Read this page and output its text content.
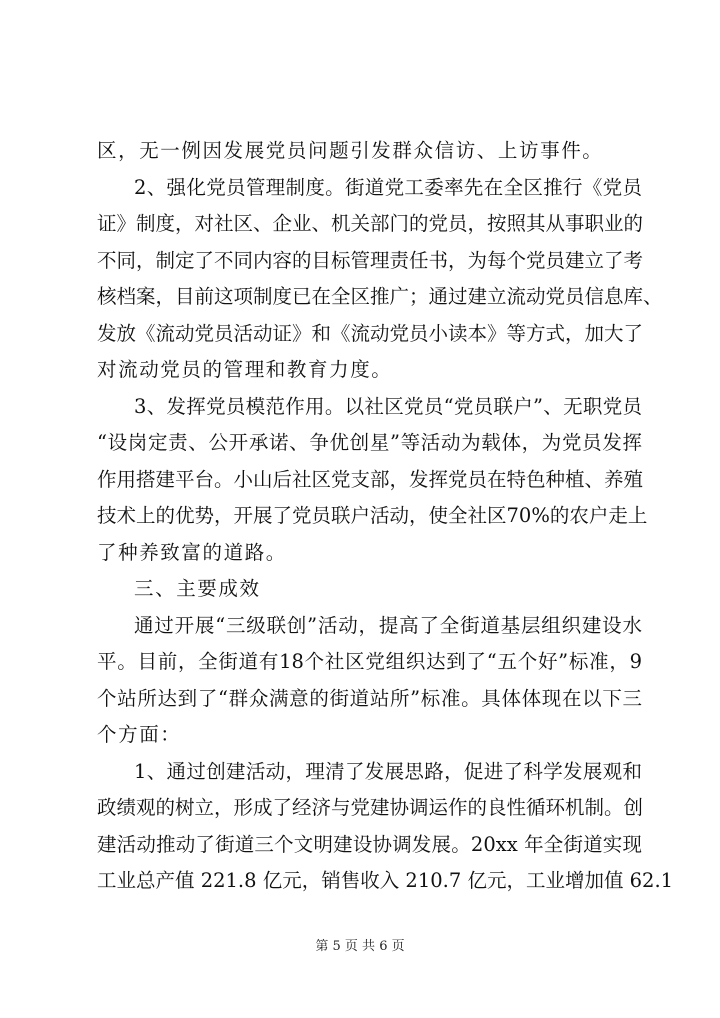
区，无一例因发展党员问题引发群众信访、上访事件。
2、强化党员管理制度。街道党工委率先在全区推行《党员
证》制度，对社区、企业、机关部门的党员，按照其从事职业的
不同，制定了不同内容的目标管理责任书，为每个党员建立了考
核档案，目前这项制度已在全区推广；通过建立流动党员信息库、
发放《流动党员活动证》和《流动党员小读本》等方式，加大了
对流动党员的管理和教育力度。
3、发挥党员模范作用。以社区党员“党员联户”、无职党员
“设岗定责、公开承诺、争优创星”等活动为载体，为党员发挥
作用搭建平台。小山后社区党支部，发挥党员在特色种植、养殖
技术上的优势，开展了党员联户活动，使全社区70%的农户走上
了种养致富的道路。
三、主要成效
通过开展“三级联创”活动，提高了全街道基层组织建设水
平。目前，全街道有18个社区党组织达到了“五个好”标准，9
个站所达到了“群众满意的街道站所”标准。具体体现在以下三
个方面：
1、通过创建活动，理清了发展思路，促进了科学发展观和
政绩观的树立，形成了经济与党建协调运作的良性循环机制。创
建活动推动了街道三个文明建设协调发展。20xx 年全街道实现
工业总产值 221.8 亿元，销售收入 210.7 亿元，工业增加值 62.1
第 5 页 共 6 页
